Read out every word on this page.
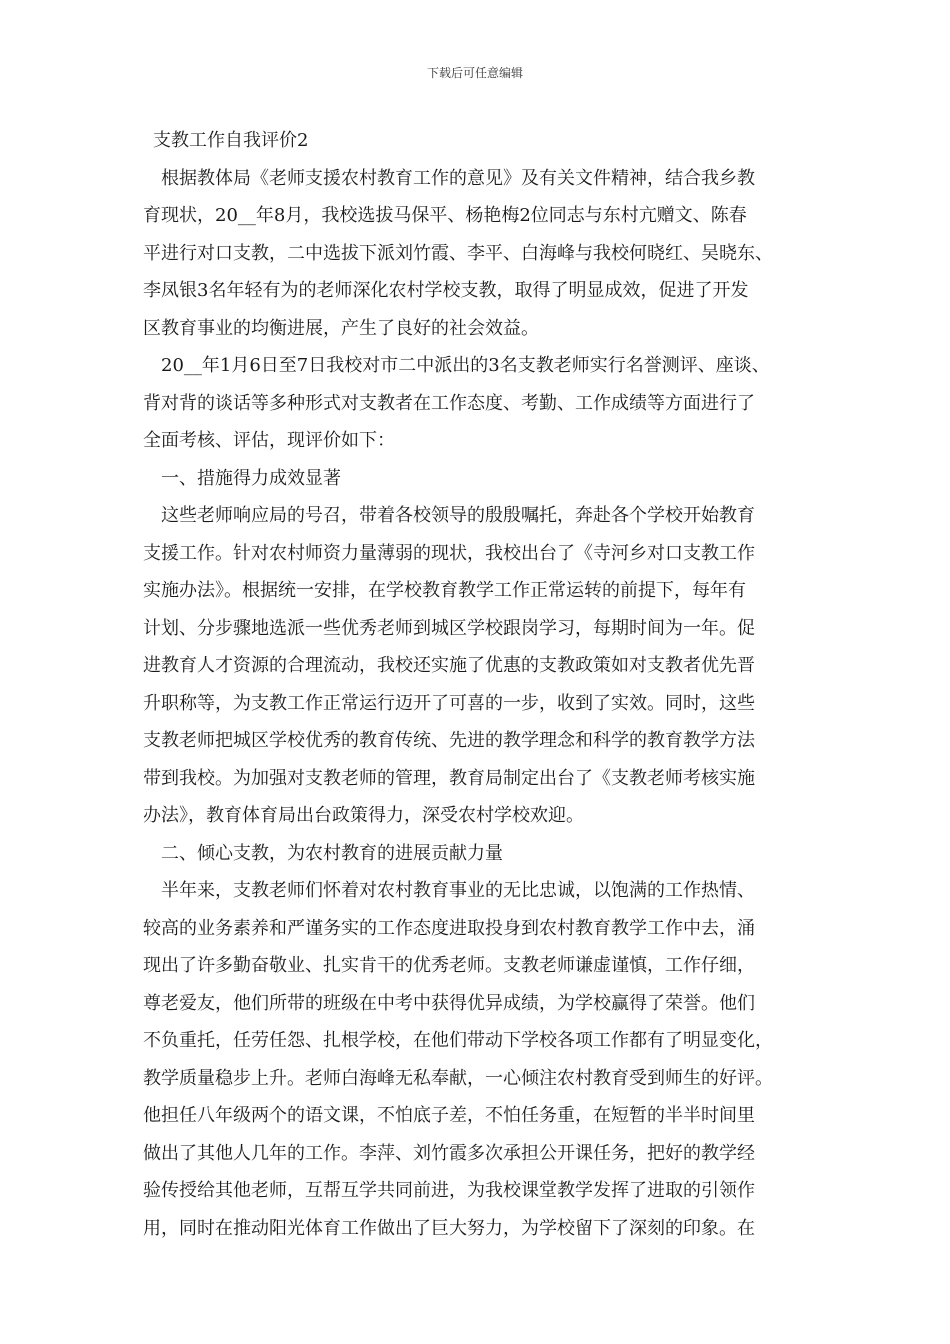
下载后可任意编辑
支教工作自我评价2
　根据教体局《老师支援农村教育工作的意见》及有关文件精神，结合我乡教
育现状，20__年8月，我校选拔马保平、杨艳梅2位同志与东村亢赠文、陈春
平进行对口支教，二中选拔下派刘竹霞、李平、白海峰与我校何晓红、吴晓东、
李凤银3名年轻有为的老师深化农村学校支教，取得了明显成效，促进了开发
区教育事业的均衡进展，产生了良好的社会效益。
　20__年1月6日至7日我校对市二中派出的3名支教老师实行名誉测评、座谈、
背对背的谈话等多种形式对支教者在工作态度、考勤、工作成绩等方面进行了
全面考核、评估，现评价如下：
一、措施得力成效显著
　这些老师响应局的号召，带着各校领导的殷殷嘱托，奔赴各个学校开始教育
支援工作。针对农村师资力量薄弱的现状，我校出台了《寺河乡对口支教工作
实施办法》。根据统一安排，在学校教育教学工作正常运转的前提下，每年有
计划、分步骤地选派一些优秀老师到城区学校跟岗学习，每期时间为一年。促
进教育人才资源的合理流动，我校还实施了优惠的支教政策如对支教者优先晋
升职称等，为支教工作正常运行迈开了可喜的一步，收到了实效。同时，这些
支教老师把城区学校优秀的教育传统、先进的教学理念和科学的教育教学方法
带到我校。为加强对支教老师的管理，教育局制定出台了《支教老师考核实施
办法》，教育体育局出台政策得力，深受农村学校欢迎。
二、倾心支教，为农村教育的进展贡献力量
　半年来，支教老师们怀着对农村教育事业的无比忠诚，以饱满的工作热情、
较高的业务素养和严谨务实的工作态度进取投身到农村教育教学工作中去，涌
现出了许多勤奋敬业、扎实肯干的优秀老师。支教老师谦虚谨慎，工作仔细，
尊老爱友，他们所带的班级在中考中获得优异成绩，为学校赢得了荣誉。他们
不负重托，任劳任怨、扎根学校，在他们带动下学校各项工作都有了明显变化，
教学质量稳步上升。老师白海峰无私奉献，一心倾注农村教育受到师生的好评。
他担任八年级两个的语文课，不怕底子差，不怕任务重，在短暂的半半时间里
做出了其他人几年的工作。李萍、刘竹霞多次承担公开课任务，把好的教学经
验传授给其他老师，互帮互学共同前进，为我校课堂教学发挥了进取的引领作
用，同时在推动阳光体育工作做出了巨大努力，为学校留下了深刻的印象。在
